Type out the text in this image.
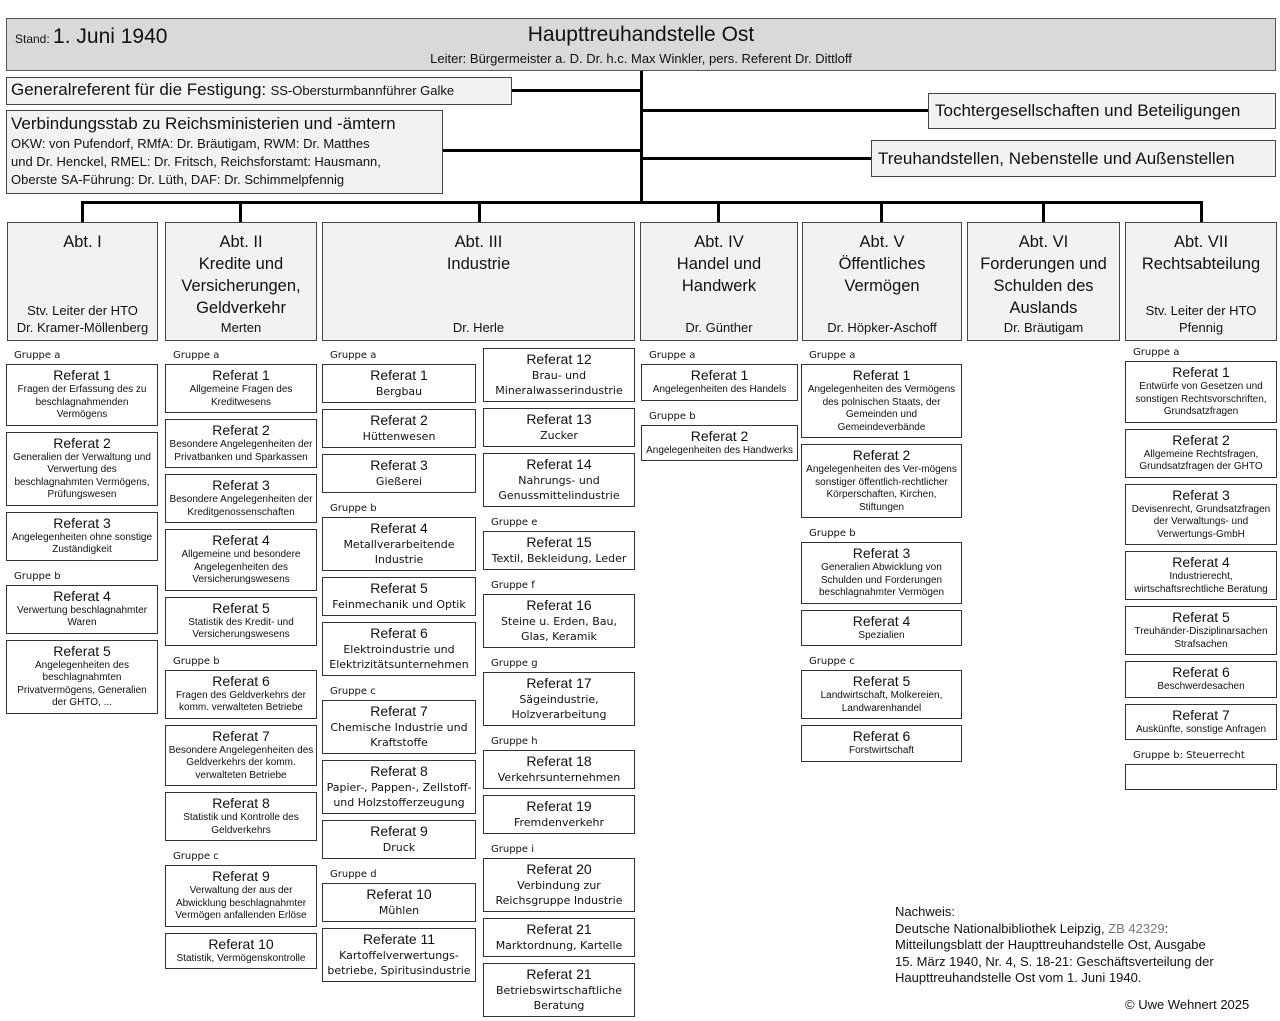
Stand: 1. Juni 1940	Haupttreuhandstelle Ost
Leiter: Bürgermeister a. D. Dr. h.c. Max Winkler, pers. Referent Dr. Dittloff
Generalreferent für die Festigung: SS-Obersturmbannführer Galke
Verbindungsstab zu Reichsministerien und -ämtern
OKW: von Pufendorf, RMfA: Dr. Bräutigam, RWM: Dr. Matthes
und Dr. Henckel, RMEL: Dr. Fritsch, Reichsforstamt: Hausmann,
Oberste SA-Führung: Dr. Lüth, DAF: Dr. Schimmelpfennig
Tochtergesellschaften und Beteiligungen
Treuhandstellen, Nebenstelle und Außenstellen
Abt. I
Stv. Leiter der HTO
Dr. Kramer-Möllenberg
Abt. II
Kredite und
Versicherungen,
Geldverkehr
Merten
Abt. III
Industrie
Dr. Herle
Abt. IV
Handel und
Handwerk
Dr. Günther
Abt. V
Öffentliches
Vermögen
Dr. Höpker-Aschoff
Abt. VI
Forderungen und
Schulden des
Auslands
Dr. Bräutigam
Abt. VII
Rechtsabteilung
Stv. Leiter der HTO
Pfennig
Gruppe a
Referat 1
Fragen der Erfassung des zu beschlagnahmenden Vermögens
Referat 2
Generalien der Verwaltung und Verwertung des beschlagnahmten Vermögens, Prüfungswesen
Referat 3
Angelegenheiten ohne sonstige Zuständigkeit
Gruppe b
Referat 4
Verwertung beschlagnahmter Waren
Referat 5
Angelegenheiten des beschlagnahmten Privatvermögens, Generalien der GHTO, ...
Gruppe a
Referat 1
Allgemeine Fragen des Kreditwesens
Referat 2
Besondere Angelegenheiten der Privatbanken und Sparkassen
Referat 3
Besondere Angelegenheiten der Kreditgenossenschaften
Referat 4
Allgemeine und besondere Angelegenheiten des Versicherungswesens
Referat 5
Statistik des Kredit- und Versicherungswesens
Gruppe b
Referat 6
Fragen des Geldverkehrs der komm. verwalteten Betriebe
Referat 7
Besondere Angelegenheiten des Geldverkehrs der komm. verwalteten Betriebe
Referat 8
Statistik und Kontrolle des Geldverkehrs
Gruppe c
Referat 9
Verwaltung der aus der Abwicklung beschlagnahmter Vermögen anfallenden Erlöse
Referat 10
Statistik, Vermögenskontrolle
Gruppe a
Referat 1
Bergbau
Referat 2
Hüttenwesen
Referat 3
Gießerei
Gruppe b
Referat 4
Metallverarbeitende Industrie
Referat 5
Feinmechanik und Optik
Referat 6
Elektroindustrie und Elektrizitätsunternehmen
Gruppe c
Referat 7
Chemische Industrie und Kraftstoffe
Referat 8
Papier-, Pappen-, Zellstoff- und Holzstofferzeugung
Referat 9
Druck
Gruppe d
Referat 10
Mühlen
Referate 11
Kartoffelverwertungs-betriebe, Spiritusindustrie
Referat 12
Brau- und Mineralwasserindustrie
Referat 13
Zucker
Referat 14
Nahrungs- und Genussmittelindustrie
Gruppe e
Referat 15
Textil, Bekleidung, Leder
Gruppe f
Referat 16
Steine u. Erden, Bau, Glas, Keramik
Gruppe g
Referat 17
Sägeindustrie, Holzverarbeitung
Gruppe h
Referat 18
Verkehrsunternehmen
Referat 19
Fremdenverkehr
Gruppe i
Referat 20
Verbindung zur Reichsgruppe Industrie
Referat 21
Marktordnung, Kartelle
Referat 21
Betriebswirtschaftliche Beratung
Gruppe a
Referat 1
Angelegenheiten des Handels
Gruppe b
Referat 2
Angelegenheiten des Handwerks
Gruppe a
Referat 1
Angelegenheiten des Vermögens des polnischen Staats, der Gemeinden und Gemeindeverbände
Referat 2
Angelegenheiten des Ver-mögens sonstiger öffentlich-rechtlicher Körperschaften, Kirchen, Stiftungen
Gruppe b
Referat 3
Generalien Abwicklung von Schulden und Forderungen beschlagnahmter Vermögen
Referat 4
Spezialien
Gruppe c
Referat 5
Landwirtschaft, Molkereien, Landwarenhandel
Referat 6
Forstwirtschaft
Gruppe a
Referat 1
Entwürfe von Gesetzen und sonstigen Rechtsvorschriften, Grundsatzfragen
Referat 2
Allgemeine Rechtsfragen, Grundsatzfragen der GHTO
Referat 3
Devisenrecht, Grundsatzfragen der Verwaltungs- und Verwertungs-GmbH
Referat 4
Industrierecht, wirtschaftsrechtliche Beratung
Referat 5
Treuhänder-Disziplinarsachen Strafsachen
Referat 6
Beschwerdesachen
Referat 7
Auskünfte, sonstige Anfragen
Gruppe b: Steuerrecht
Nachweis:
Deutsche Nationalbibliothek Leipzig, ZB 42329:
Mitteilungsblatt der Haupttreuhandstelle Ost, Ausgabe
15. März 1940, Nr. 4, S. 18-21: Geschäftsverteilung der
Haupttreuhandstelle Ost vom 1. Juni 1940.
© Uwe Wehnert 2025
